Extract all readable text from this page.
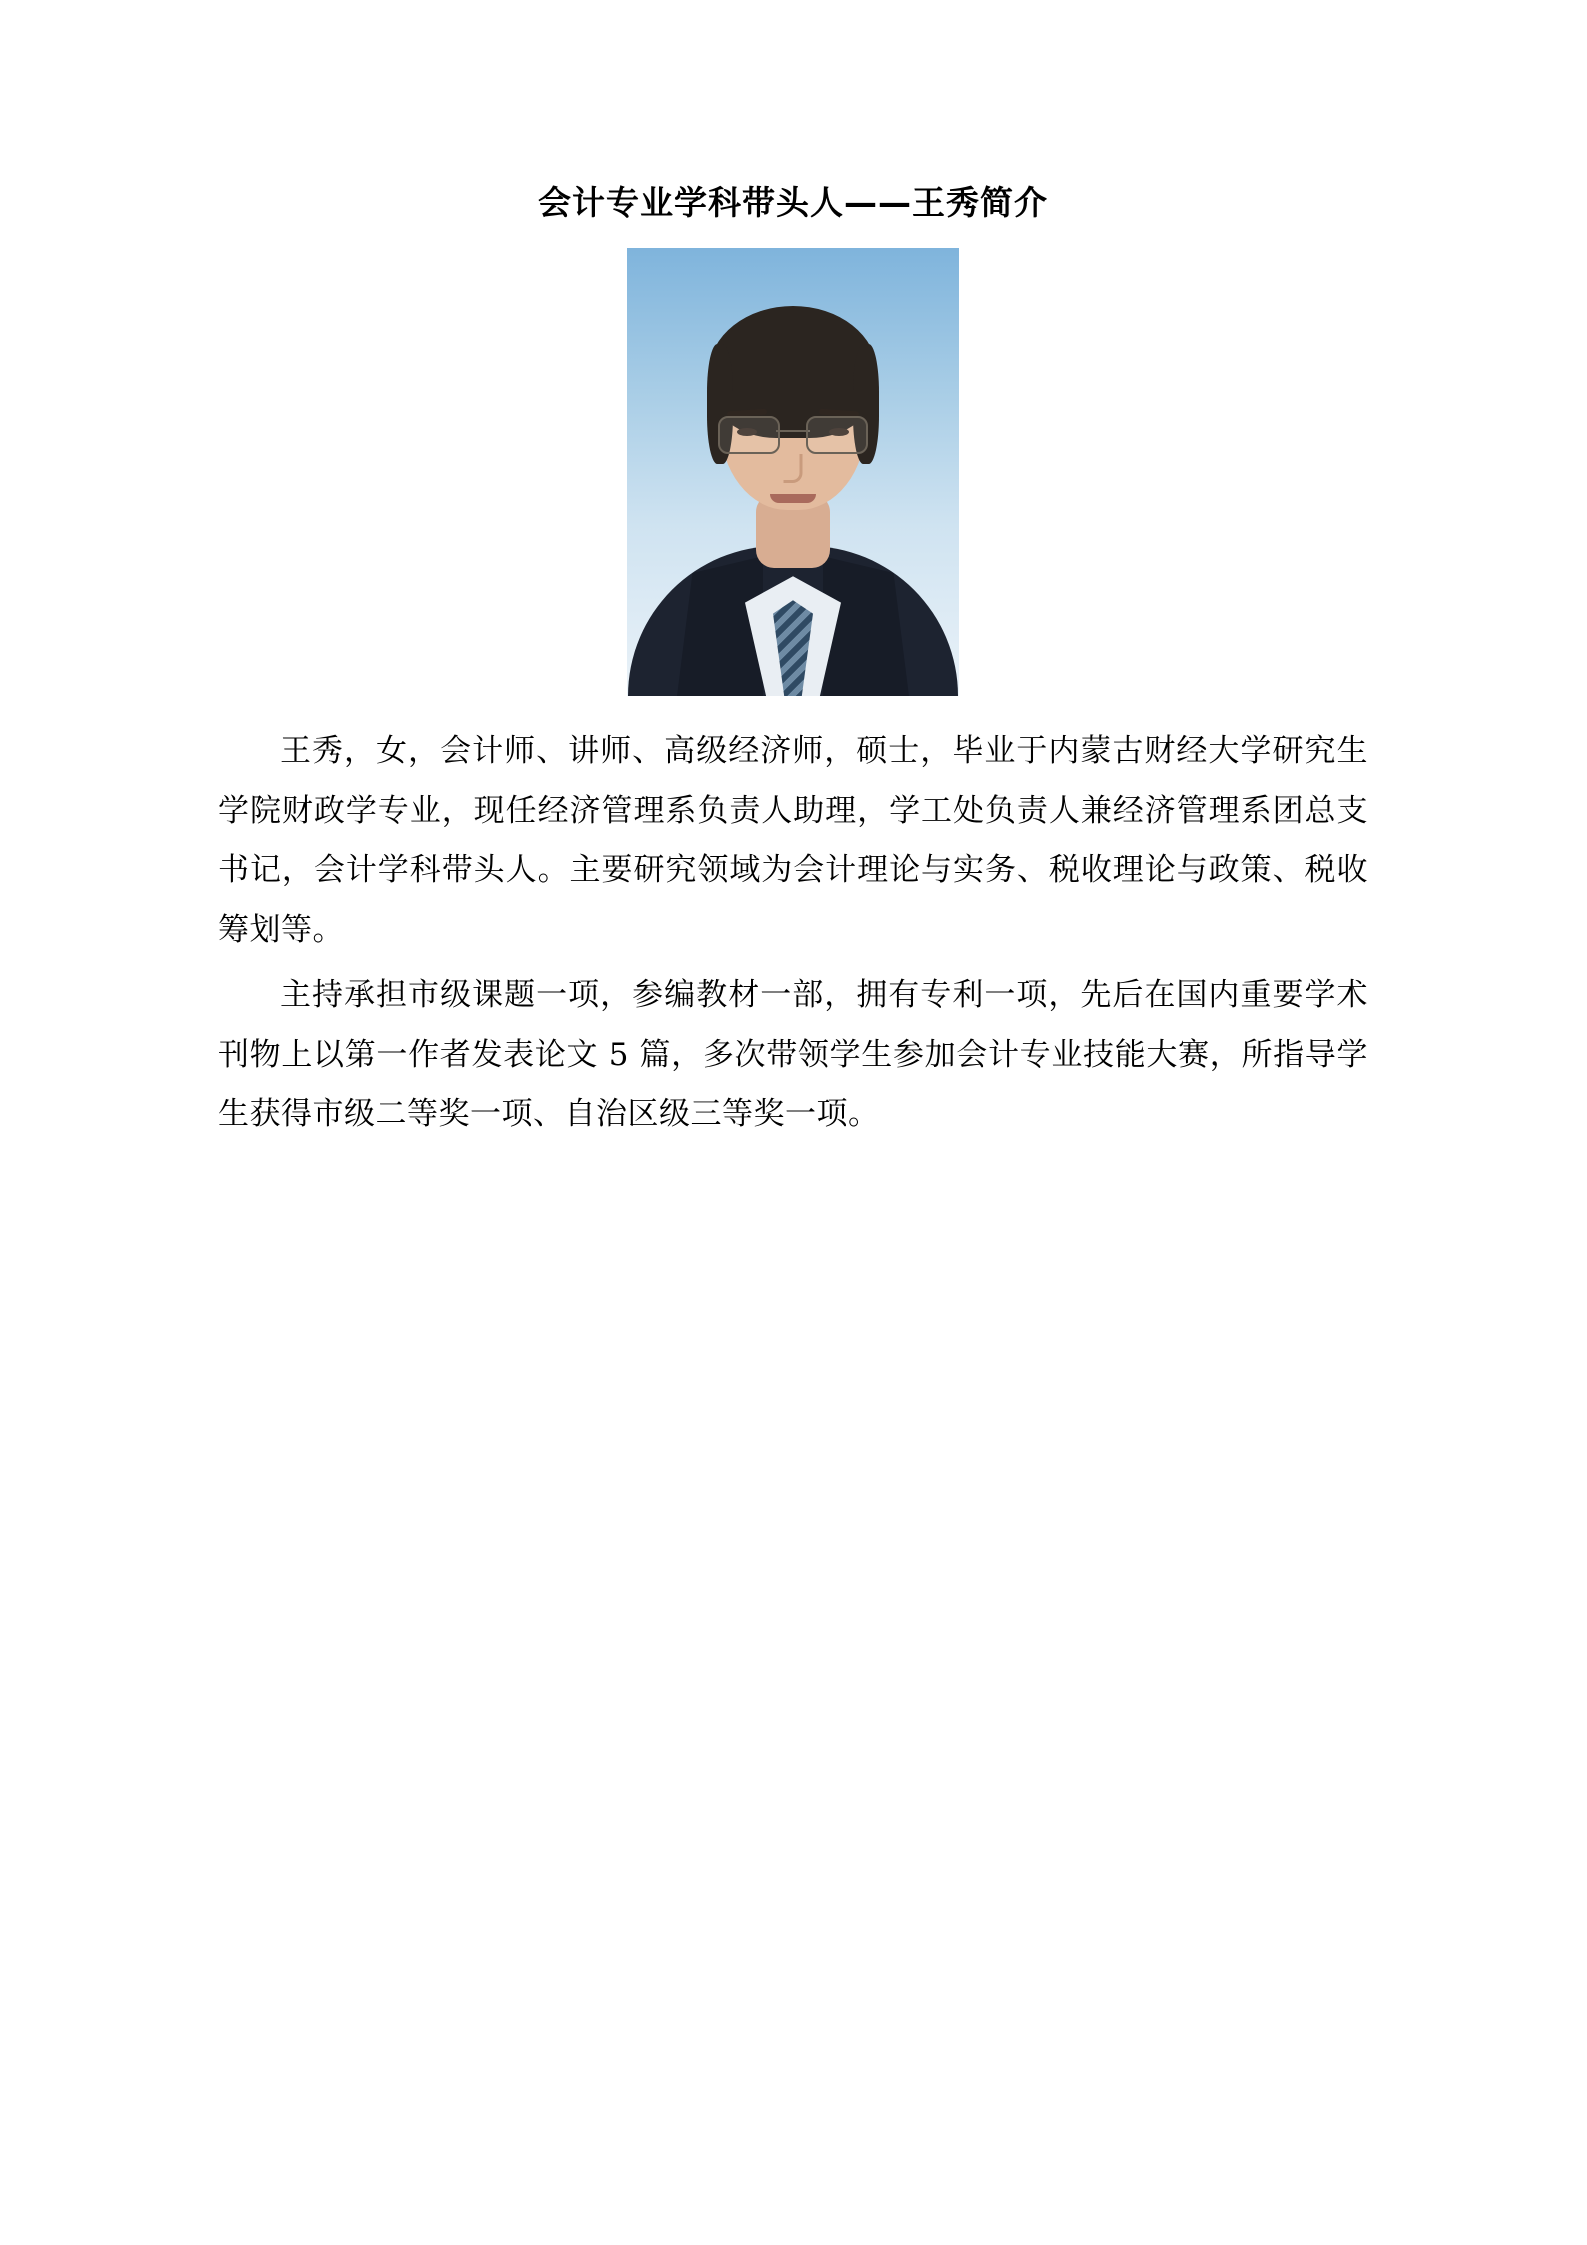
会计专业学科带头人——王秀简介

王秀，女，会计师、讲师、高级经济师，硕士，毕业于内蒙古财经大学研究生学院财政学专业，现任经济管理系负责人助理，学工处负责人兼经济管理系团总支书记，会计学科带头人。主要研究领域为会计理论与实务、税收理论与政策、税收筹划等。

主持承担市级课题一项，参编教材一部，拥有专利一项，先后在国内重要学术刊物上以第一作者发表论文 5 篇，多次带领学生参加会计专业技能大赛，所指导学生获得市级二等奖一项、自治区级三等奖一项。
